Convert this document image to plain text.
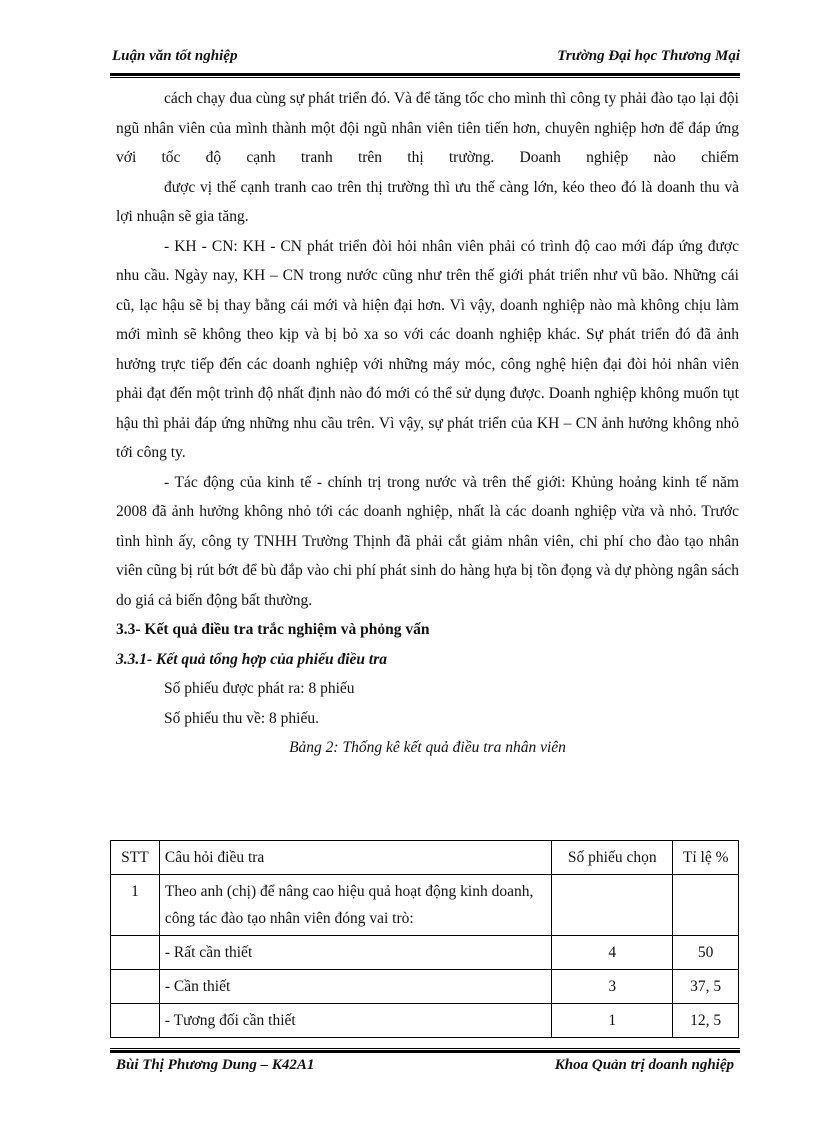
Luận văn tốt nghiệp	Trường Đại học Thương Mại

cách chạy đua cùng sự phát triển đó. Và để tăng tốc cho mình thì công ty phải đào tạo lại đội ngũ nhân viên của mình thành một đội ngũ nhân viên tiên tiến hơn, chuyên nghiệp hơn để đáp ứng với tốc độ cạnh tranh trên thị trường. Doanh nghiệp nào chiếm

được vị thế cạnh tranh cao trên thị trường thì ưu thế càng lớn, kéo theo đó là doanh thu và lợi nhuận sẽ gia tăng.

- KH - CN: KH - CN phát triển đòi hỏi nhân viên phải có trình độ cao mới đáp ứng được nhu cầu. Ngày nay, KH – CN trong nước cũng như trên thế giới phát triển như vũ bão. Những cái cũ, lạc hậu sẽ bị thay bằng cái mới và hiện đại hơn. Vì vậy, doanh nghiệp nào mà không chịu làm mới mình sẽ không theo kịp và bị bỏ xa so với các doanh nghiệp khác. Sự phát triển đó đã ảnh hưởng trực tiếp đến các doanh nghiệp với những máy móc, công nghệ hiện đại đòi hỏi nhân viên phải đạt đến một trình độ nhất định nào đó mới có thể sử dụng được. Doanh nghiệp không muốn tụt hậu thì phải đáp ứng những nhu cầu trên. Vì vậy, sự phát triển của KH – CN ảnh hưởng không nhỏ tới công ty.

- Tác động của kinh tế - chính trị trong nước và trên thế giới: Khủng hoảng kinh tế năm 2008 đã ảnh hưởng không nhỏ tới các doanh nghiệp, nhất là các doanh nghiệp vừa và nhỏ. Trước tình hình ấy, công ty TNHH Trường Thịnh đã phải cắt giảm nhân viên, chi phí cho đào tạo nhân viên cũng bị rút bớt để bù đắp vào chi phí phát sinh do hàng hựa bị tồn đọng và dự phòng ngân sách do giá cả biến động bất thường.

3.3- Kết quả điều tra trắc nghiệm và phỏng vấn

3.3.1- Kết quả tổng hợp của phiếu điều tra

Số phiếu được phát ra: 8 phiếu

Số phiếu thu về: 8 phiếu.

Bảng 2: Thống kê kết quả điều tra nhân viên

STT	Câu hỏi điều tra	Số phiếu chọn	Tỉ lệ %
1	Theo anh (chị) để nâng cao hiệu quả hoạt động kinh doanh, công tác đào tạo nhân viên đóng vai trò:		
	- Rất cần thiết	4	50
	- Cần thiết	3	37, 5
	- Tương đối cần thiết	1	12, 5
Bùi Thị Phương Dung – K42A1	Khoa Quản trị doanh nghiệp
